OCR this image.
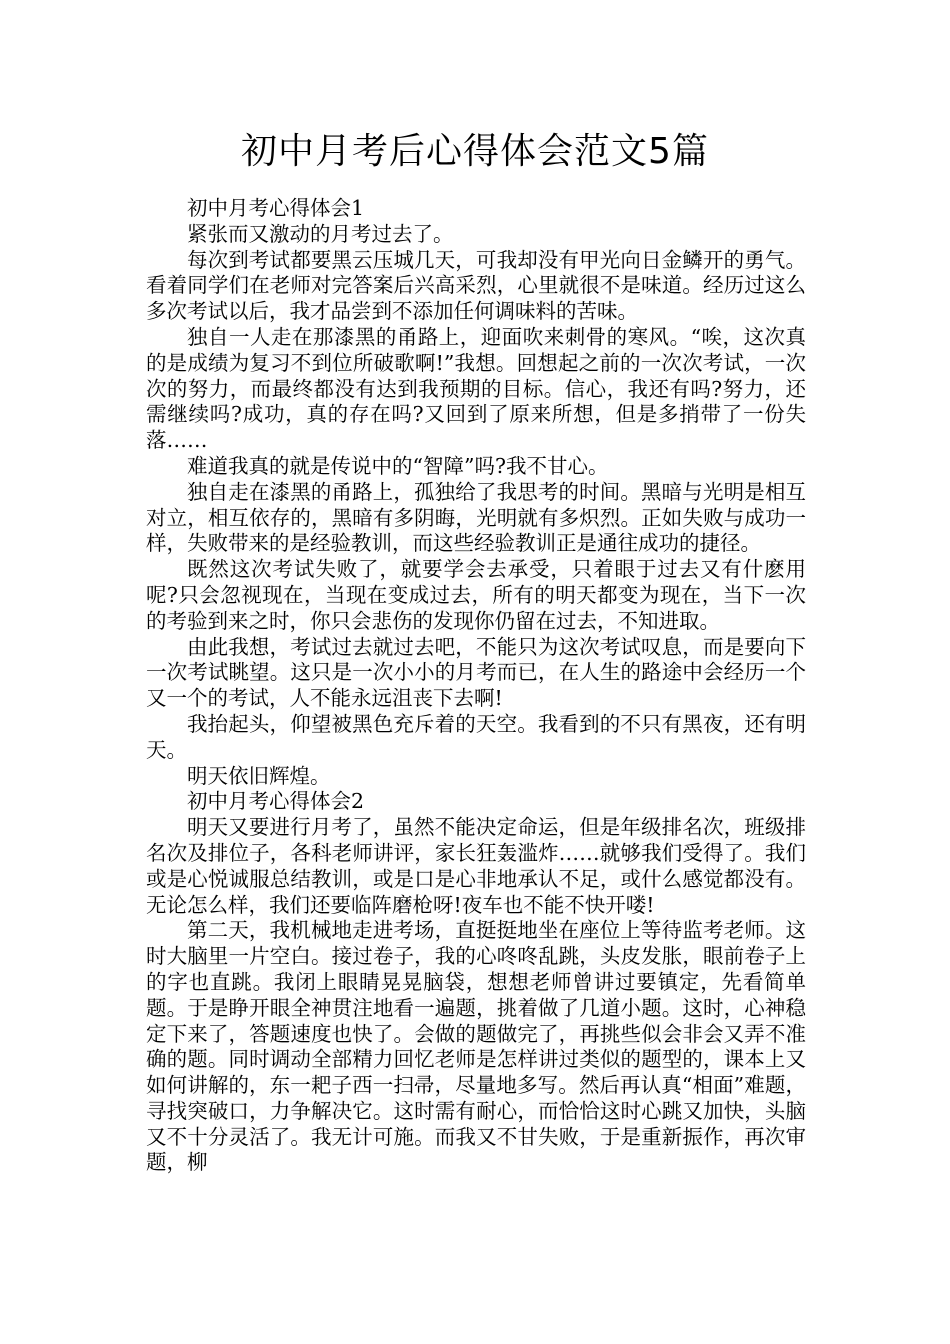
初中月考后心得体会范文5篇

初中月考心得体会1

紧张而又激动的月考过去了。

每次到考试都要黑云压城几天，可我却没有甲光向日金鳞开的勇气。看着同学们在老师对完答案后兴高采烈，心里就很不是味道。经历过这么多次考试以后，我才品尝到不添加任何调味料的苦味。

独自一人走在那漆黑的甬路上，迎面吹来刺骨的寒风。“唉，这次真的是成绩为复习不到位所破歌啊!”我想。回想起之前的一次次考试，一次次的努力，而最终都没有达到我预期的目标。信心，我还有吗?努力，还需继续吗?成功，真的存在吗?又回到了原来所想，但是多捎带了一份失落……

难道我真的就是传说中的“智障”吗?我不甘心。

独自走在漆黑的甬路上，孤独给了我思考的时间。黑暗与光明是相互对立，相互依存的，黑暗有多阴晦，光明就有多炽烈。正如失败与成功一样，失败带来的是经验教训，而这些经验教训正是通往成功的捷径。

既然这次考试失败了，就要学会去承受，只着眼于过去又有什麽用呢?只会忽视现在，当现在变成过去，所有的明天都变为现在，当下一次的考验到来之时，你只会悲伤的发现你仍留在过去，不知进取。

由此我想，考试过去就过去吧，不能只为这次考试叹息，而是要向下一次考试眺望。这只是一次小小的月考而已，在人生的路途中会经历一个又一个的考试，人不能永远沮丧下去啊!

我抬起头，仰望被黑色充斥着的天空。我看到的不只有黑夜，还有明天。

明天依旧辉煌。

初中月考心得体会2

明天又要进行月考了，虽然不能决定命运，但是年级排名次，班级排名次及排位子，各科老师讲评，家长狂轰滥炸……就够我们受得了。我们或是心悦诚服总结教训，或是口是心非地承认不足，或什么感觉都没有。无论怎么样，我们还要临阵磨枪呀!夜车也不能不快开喽!

第二天，我机械地走进考场，直挺挺地坐在座位上等待监考老师。这时大脑里一片空白。接过卷子，我的心咚咚乱跳，头皮发胀，眼前卷子上的字也直跳。我闭上眼睛晃晃脑袋，想想老师曾讲过要镇定，先看简单题。于是睁开眼全神贯注地看一遍题，挑着做了几道小题。这时，心神稳定下来了，答题速度也快了。会做的题做完了，再挑些似会非会又弄不准确的题。同时调动全部精力回忆老师是怎样讲过类似的题型的，课本上又如何讲解的，东一耙子西一扫帚，尽量地多写。然后再认真“相面”难题，寻找突破口，力争解决它。这时需有耐心，而恰恰这时心跳又加快，头脑又不十分灵活了。我无计可施。而我又不甘失败，于是重新振作，再次审题，柳
